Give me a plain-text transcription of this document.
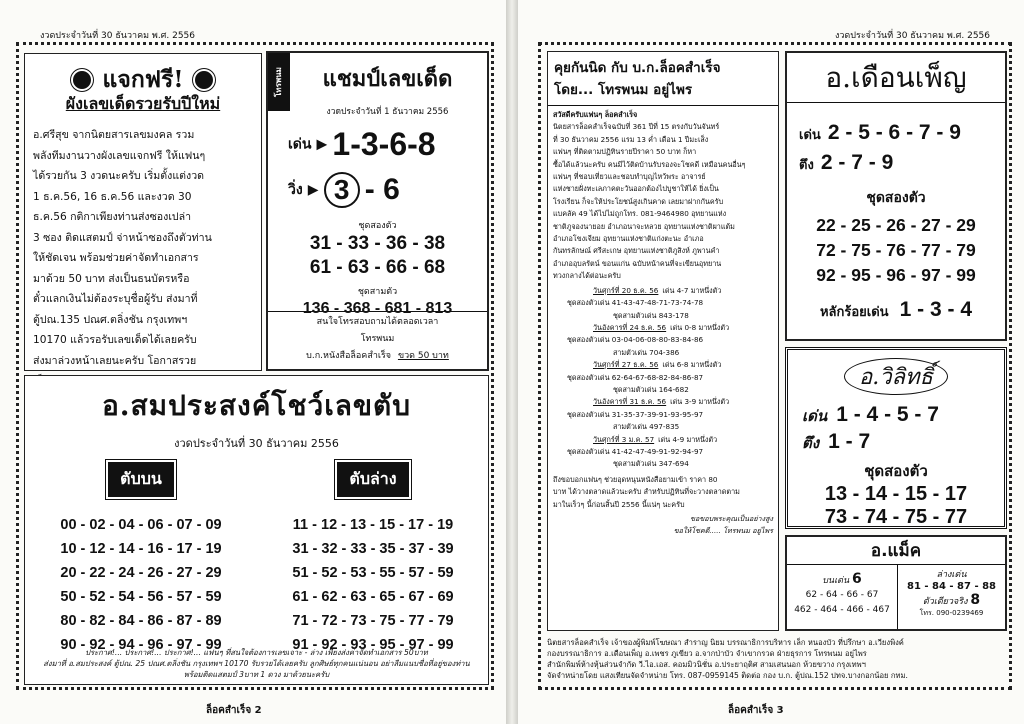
งวดประจำวันที่ 30 ธันวาคม พ.ศ. 2556
แจกฟรี!
ผังเลขเด็ดรวยรับปีใหม่
อ.ศรีสุข จากนิตยสารเลขมงคล รวม
พลังทีมงานวางผังเลขแจกฟรี ให้แฟนๆ
ได้รวยกัน 3 งวดนะครับ เริ่มตั้งแต่งวด
1 ธ.ค.56, 16 ธ.ค.56 และงวด 30
ธ.ค.56 กติกาเพียงท่านส่งซองเปล่า
3 ซอง ติดแสตมป์ จ่าหน้าซองถึงตัวท่าน
ให้ชัดเจน พร้อมช่วยค่าจัดทำเอกสาร
มาด้วย 50 บาท ส่งเป็นธนบัตรหรือ
ตั๋วแลกเงินไม่ต้องระบุชื่อผู้รับ ส่งมาที่
ตู้ปณ.135 ปณศ.ตลิ่งชัน กรุงเทพฯ
10170 แล้วรอรับเลขเด็ดได้เลยครับ
ส่งมาล่วงหน้าเลยนะครับ โอกาสรวย
โทรพนม	แชมป์เลขเด็ด
งวดประจำวันที่ 1 ธันวาคม 2556
เด่น ▶ 1-3-6-8
วิ่ง ▶ 3 - 6
ชุดสองตัว
31 - 33 - 36 - 38
61 - 63 - 66 - 68
ชุดสามตัว
136 - 368 - 681 - 813
สนใจโทรสอบถามได้ตลอดเวลา
โทรพนม
บ.ก.หนังสือล็อคสำเร็จ ขวด 50 บาท
อ.สมประสงค์โชว์เลขตับ
งวดประจำวันที่ 30 ธันวาคม 2556
ตับบน
00 - 02 - 04 - 06 - 07 - 09
10 - 12 - 14 - 16 - 17 - 19
20 - 22 - 24 - 26 - 27 - 29
50 - 52 - 54 - 56 - 57 - 59
80 - 82 - 84 - 86 - 87 - 89
90 - 92 - 94 - 96 - 97 - 99
ตับล่าง
11 - 12 - 13 - 15 - 17 - 19
31 - 32 - 33 - 35 - 37 - 39
51 - 52 - 53 - 55 - 57 - 59
61 - 62 - 63 - 65 - 67 - 69
71 - 72 - 73 - 75 - 77 - 79
91 - 92 - 93 - 95 - 97 - 99
ประกาศ!... ประกาศ!... ประกาศ!... แฟนๆ ที่สนใจต้องการเลขเจาะ - ล่าง เพียงส่งค่าจัดทำเอกสาร 50บาท
ส่งมาที่ อ.สมประสงค์ ตู้ปณ. 25 ปณศ.ตลิ่งชัน กรุงเทพฯ 10170 รับรวยได้เลยครับ ลูกศิษย์ทุกคนแน่นอน อย่าลืมแนบชื่อที่อยู่ของท่าน
พร้อมติดแสตมป์ 3บาท 1 ดวง มาด้วยนะครับ
ล็อคสำเร็จ 2
งวดประจำวันที่ 30 ธันวาคม พ.ศ. 2556
คุยกันนิด กับ บ.ก.ล็อคสำเร็จ
โดย... โทรพนม อยู่ไพร
สวัสดีครับแฟนๆ ล็อคสำเร็จ
นิตยสารล็อคสำเร็จฉบับที่ 361 ปีที่ 15 ตรงกับวันจันทร์
ที่ 30 ธันวาคม 2556 แรม 13 ค่ำ เดือน 1 ปีมะเส็ง
แฟนๆ ที่ติดตามปฏิทินรายปีราคา 50 บาท ก็หา
ซื้อได้แล้วนะครับ คนมีไว้ติดบ้านรับรองจะโชคดี เหมือนคนอื่นๆ
แฟนๆ ที่ชอบเที่ยวและชอบทำบุญไหว้พระ อาจารย์
แห่งชายฝั่งทะเลภาคตะวันออกต้องไปบูชาให้ได้ ยิ่งเป็น
โรงเรียน ก็จะให้ประโยชน์สูงเกินคาด เลยมาฝากกันครับ
แบคลัค 49 ได้ไปไม่ถูกโทร. 081-9464980 อุทยานแห่ง
ชาติภูจองนายอย อำเภอนาจะหลวย อุทยานแห่งชาติผาแต้ม
อำเภอโขงเจียม อุทยานแห่งชาติแก่งตะนะ อำเภอ
กันทรลักษณ์ ศรีสะเกษ อุทยานแห่งชาติภูสิงห์ ภูพานคำ
อำเภออุบลรัตน์ ขอนแก่น ฉบับหน้าคนที่จะเขียนอุทยาน
ทวงกลางได้ต่อนะครับ
วันศุกร์ที่ 20 ธ.ค. 56 เด่น 4-7 มาหนึ่งตัว
ชุดสองตัวเด่น 41-43-47-48-71-73-74-78
ชุดสามตัวเด่น 843-178
วันอังคารที่ 24 ธ.ค. 56 เด่น 0-8 มาหนึ่งตัว
ชุดสองตัวเด่น 03-04-06-08-80-83-84-86
สามตัวเด่น 704-386
วันศุกร์ที่ 27 ธ.ค. 56 เด่น 6-8 มาหนึ่งตัว
ชุดสองตัวเด่น 62-64-67-68-82-84-86-87
ชุดสามตัวเด่น 164-682
วันอังคารที่ 31 ธ.ค. 56 เด่น 3-9 มาหนึ่งตัว
ชุดสองตัวเด่น 31-35-37-39-91-93-95-97
สามตัวเด่น 497-835
วันศุกร์ที่ 3 ม.ค. 57 เด่น 4-9 มาหนึ่งตัว
ชุดสองตัวเด่น 41-42-47-49-91-92-94-97
ชุดสามตัวเด่น 347-694
ถึงขอบอกแฟนๆ ช่วยอุดหนุนหนังสือยามเข้า ราคา 80
บาท ได้วางตลาดแล้วนะครับ สำหรับปฏิทินที่จะวางตลาดตาม
มาในเร็วๆ นี้ก่อนสิ้นปี 2556 นี้แน่ๆ นะครับ
ขอขอบพระคุณเป็นอย่างสูง
ขอให้โชคดี..... โทรพนม อยู่ไพร
อ.เดือนเพ็ญ
เด่น 2 - 5 - 6 - 7 - 9
ตึง 2 - 7 - 9
ชุดสองตัว
22 - 25 - 26 - 27 - 29
72 - 75 - 76 - 77 - 79
92 - 95 - 96 - 97 - 99
หลักร้อยเด่น 1 - 3 - 4
อ.วิลิทธิ์
เด่น 1 - 4 - 5 - 7
ตึง 1 - 7
ชุดสองตัว
13 - 14 - 15 - 17
73 - 74 - 75 - 77
อ.แม็ค
บนเด่น 6
62 - 64 - 66 - 67
462 - 464 - 466 - 467
ล่างเด่น
81 - 84 - 87 - 88
ตัวเดียวจริง 8
โทร. 090-0239469
นิตยสารล็อคสำเร็จ เจ้าของผู้พิมพ์โฆษณา สำราญ นิยม บรรณาธิการบริหาร เล็ก หนองบัว ที่ปรึกษา อ.เวียงพิงค์
กองบรรณาธิการ อ.เดือนเพ็ญ อ.เพชร ภูเขียว อ.จากป่าบัว จำเขากรวด ฝ่ายธุรการ โทรพนม อยู่ไพร
สำนักพิมพ์ห้างหุ้นส่วนจำกัด วี.ไอ.เอส. คอมมิวนิชั่น อ.ประยาฤติศ สามเสนนอก ห้วยขวาง กรุงเทพฯ
จัดจำหน่ายโดย แสงเทียนจัดจำหน่าย โทร. 087-0959145 ติดต่อ กอง บ.ก. ตู้ปณ.152 ปทจ.บางกอกน้อย กทม.
ล็อคสำเร็จ 3
